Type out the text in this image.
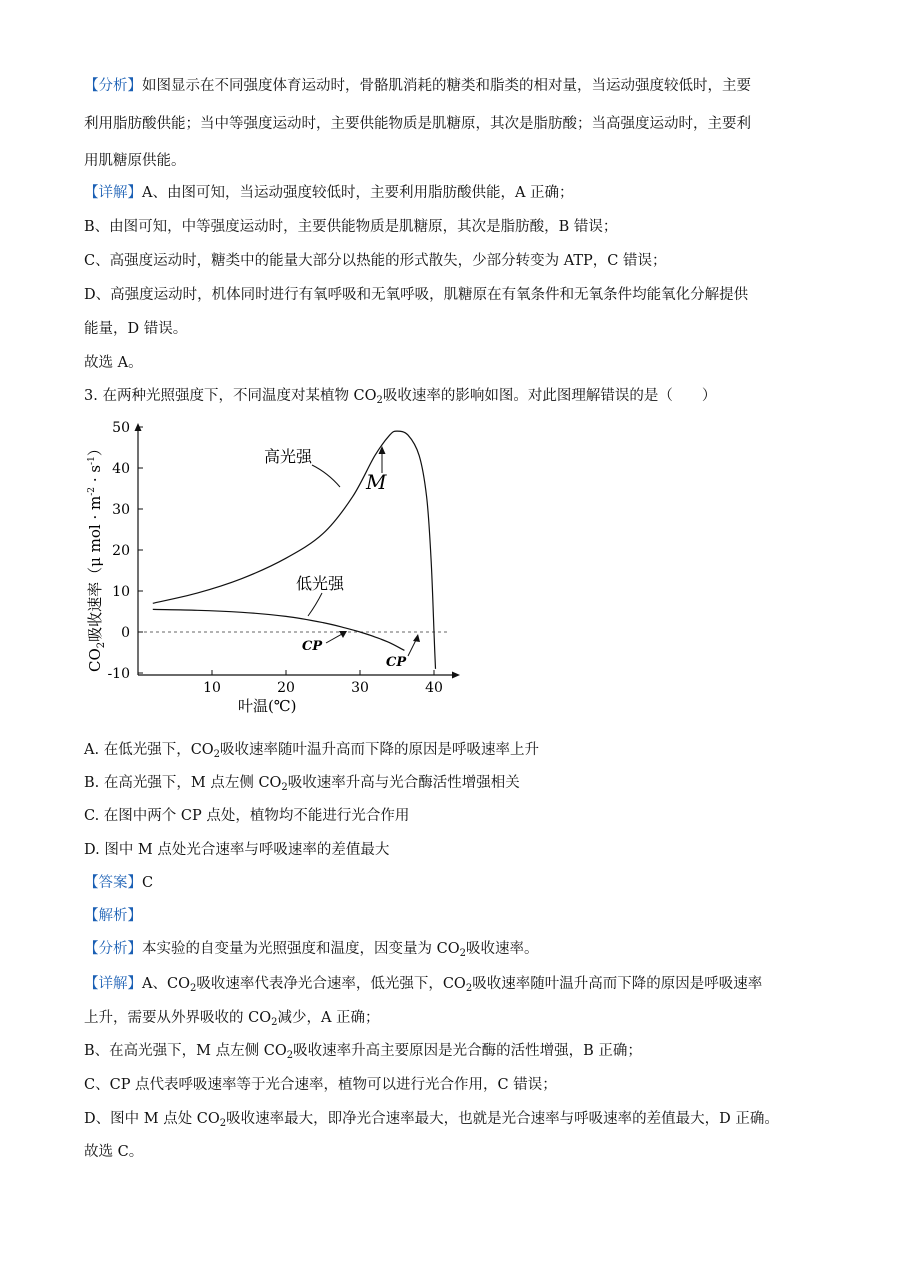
【分析】如图显示在不同强度体育运动时，骨骼肌消耗的糖类和脂类的相对量，当运动强度较低时，主要
利用脂肪酸供能；当中等强度运动时，主要供能物质是肌糖原，其次是脂肪酸；当高强度运动时，主要利
用肌糖原供能。
【详解】A、由图可知，当运动强度较低时，主要利用脂肪酸供能，A 正确；
B、由图可知，中等强度运动时，主要供能物质是肌糖原，其次是脂肪酸，B 错误；
C、高强度运动时，糖类中的能量大部分以热能的形式散失，少部分转变为 ATP，C 错误；
D、高强度运动时，机体同时进行有氧呼吸和无氧呼吸，肌糖原在有氧条件和无氧条件均能氧化分解提供
能量，D 错误。
故选 A。
3. 在两种光照强度下，不同温度对某植物 $CO_2$吸收速率的影响如图。对此图理解错误的是（　　）
10	20	30	40
50
40
30
20
10
0
-10
$CO_2$吸收速率（μ mol · $m^{-2} \cdot s^{-1}$）
叶温(℃)
高光强
低光强
M
CP
CP
A. 在低光强下，$CO_2$吸收速率随叶温升高而下降的原因是呼吸速率上升
B. 在高光强下，M 点左侧 $CO_2$吸收速率升高与光合酶活性增强相关
C. 在图中两个 CP 点处，植物均不能进行光合作用
D. 图中 M 点处光合速率与呼吸速率的差值最大
【答案】C
【解析】
【分析】本实验的自变量为光照强度和温度，因变量为 $CO_2$吸收速率。
【详解】A、$CO_2$吸收速率代表净光合速率，低光强下，$CO_2$吸收速率随叶温升高而下降的原因是呼吸速率
上升，需要从外界吸收的 $CO_2$减少，A 正确；
B、在高光强下，M 点左侧 $CO_2$吸收速率升高主要原因是光合酶的活性增强，B 正确；
C、CP 点代表呼吸速率等于光合速率，植物可以进行光合作用，C 错误；
D、图中 M 点处 $CO_2$吸收速率最大，即净光合速率最大，也就是光合速率与呼吸速率的差值最大，D 正确。
故选 C。
